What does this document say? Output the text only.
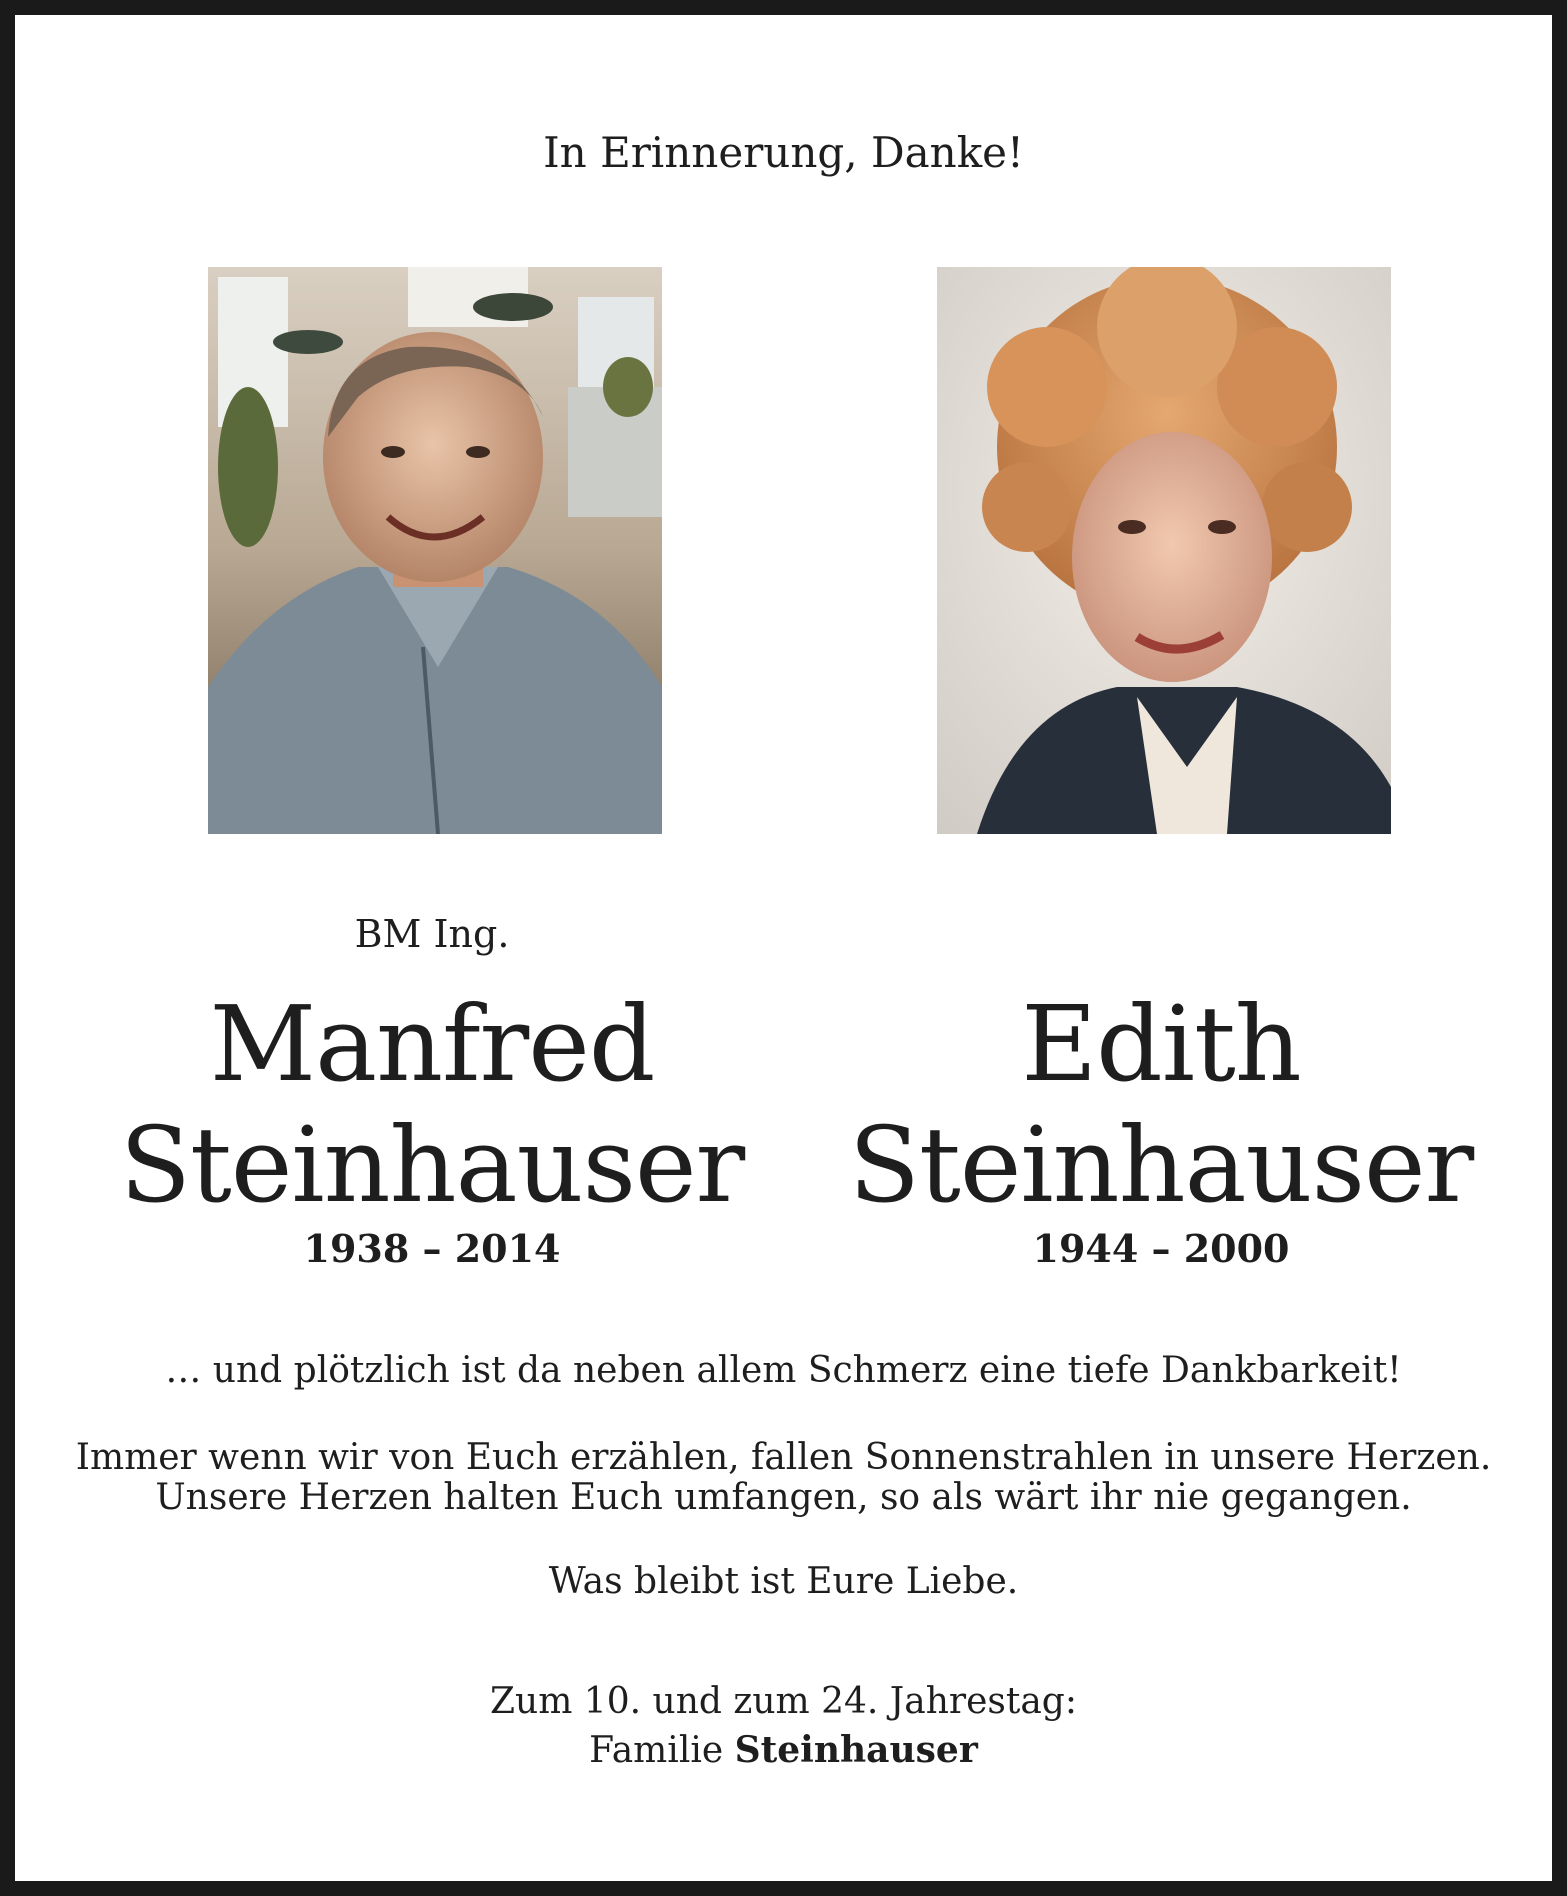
In Erinnerung, Danke!
BM Ing.
Manfred
Steinhauser
1938 – 2014
Edith
Steinhauser
1944 – 2000
… und plötzlich ist da neben allem Schmerz eine tiefe Dankbarkeit!
Immer wenn wir von Euch erzählen, fallen Sonnenstrahlen in unsere Herzen.
Unsere Herzen halten Euch umfangen, so als wärt ihr nie gegangen.
Was bleibt ist Eure Liebe.
Zum 10. und zum 24. Jahrestag:
Familie Steinhauser
